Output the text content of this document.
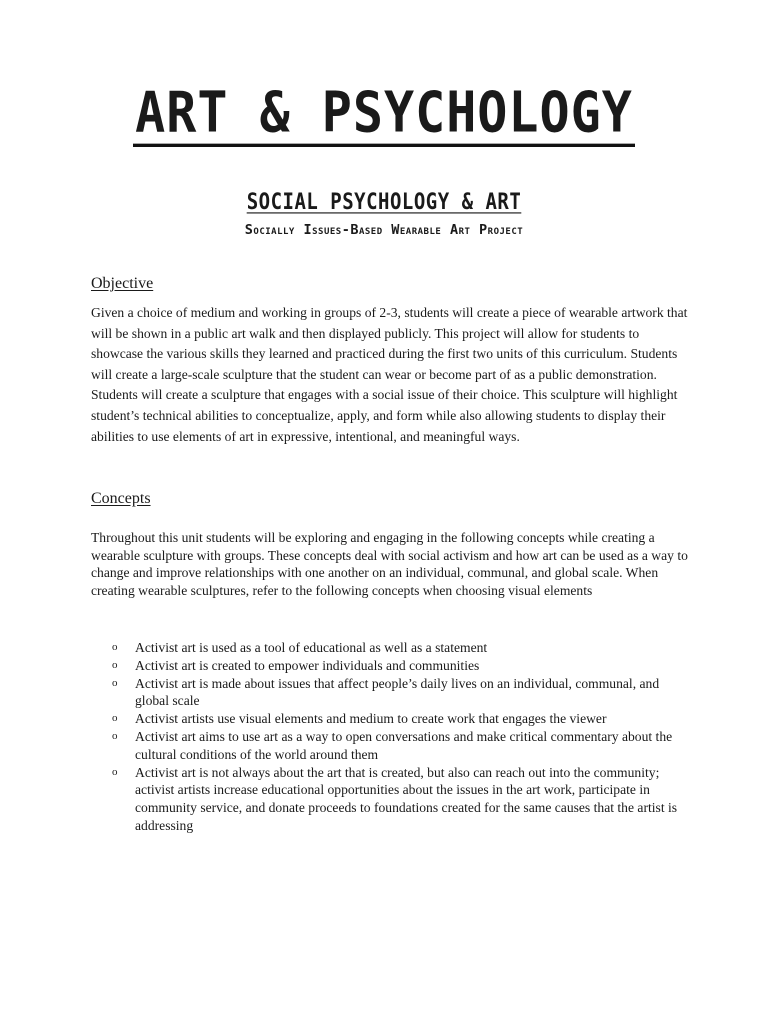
ART & PSYCHOLOGY
SOCIAL PSYCHOLOGY & ART
Socially Issues-Based Wearable Art Project
Objective

Given a choice of medium and working in groups of 2-3, students will create a piece of wearable artwork that will be shown in a public art walk and then displayed publicly. This project will allow for students to showcase the various skills they learned and practiced during the first two units of this curriculum. Students will create a large-scale sculpture that the student can wear or become part of as a public demonstration. Students will create a sculpture that engages with a social issue of their choice. This sculpture will highlight student’s technical abilities to conceptualize, apply, and form while also allowing students to display their abilities to use elements of art in expressive, intentional, and meaningful ways.

Concepts

Throughout this unit students will be exploring and engaging in the following concepts while creating a wearable sculpture with groups. These concepts deal with social activism and how art can be used as a way to change and improve relationships with one another on an individual, communal, and global scale. When creating wearable sculptures, refer to the following concepts when choosing visual elements

o Activist art is used as a tool of educational as well as a statement
o Activist art is created to empower individuals and communities
o Activist art is made about issues that affect people’s daily lives on an individual, communal, and global scale
o Activist artists use visual elements and medium to create work that engages the viewer
o Activist art aims to use art as a way to open conversations and make critical commentary about the cultural conditions of the world around them
o Activist art is not always about the art that is created, but also can reach out into the community; activist artists increase educational opportunities about the issues in the art work, participate in community service, and donate proceeds to foundations created for the same causes that the artist is addressing
